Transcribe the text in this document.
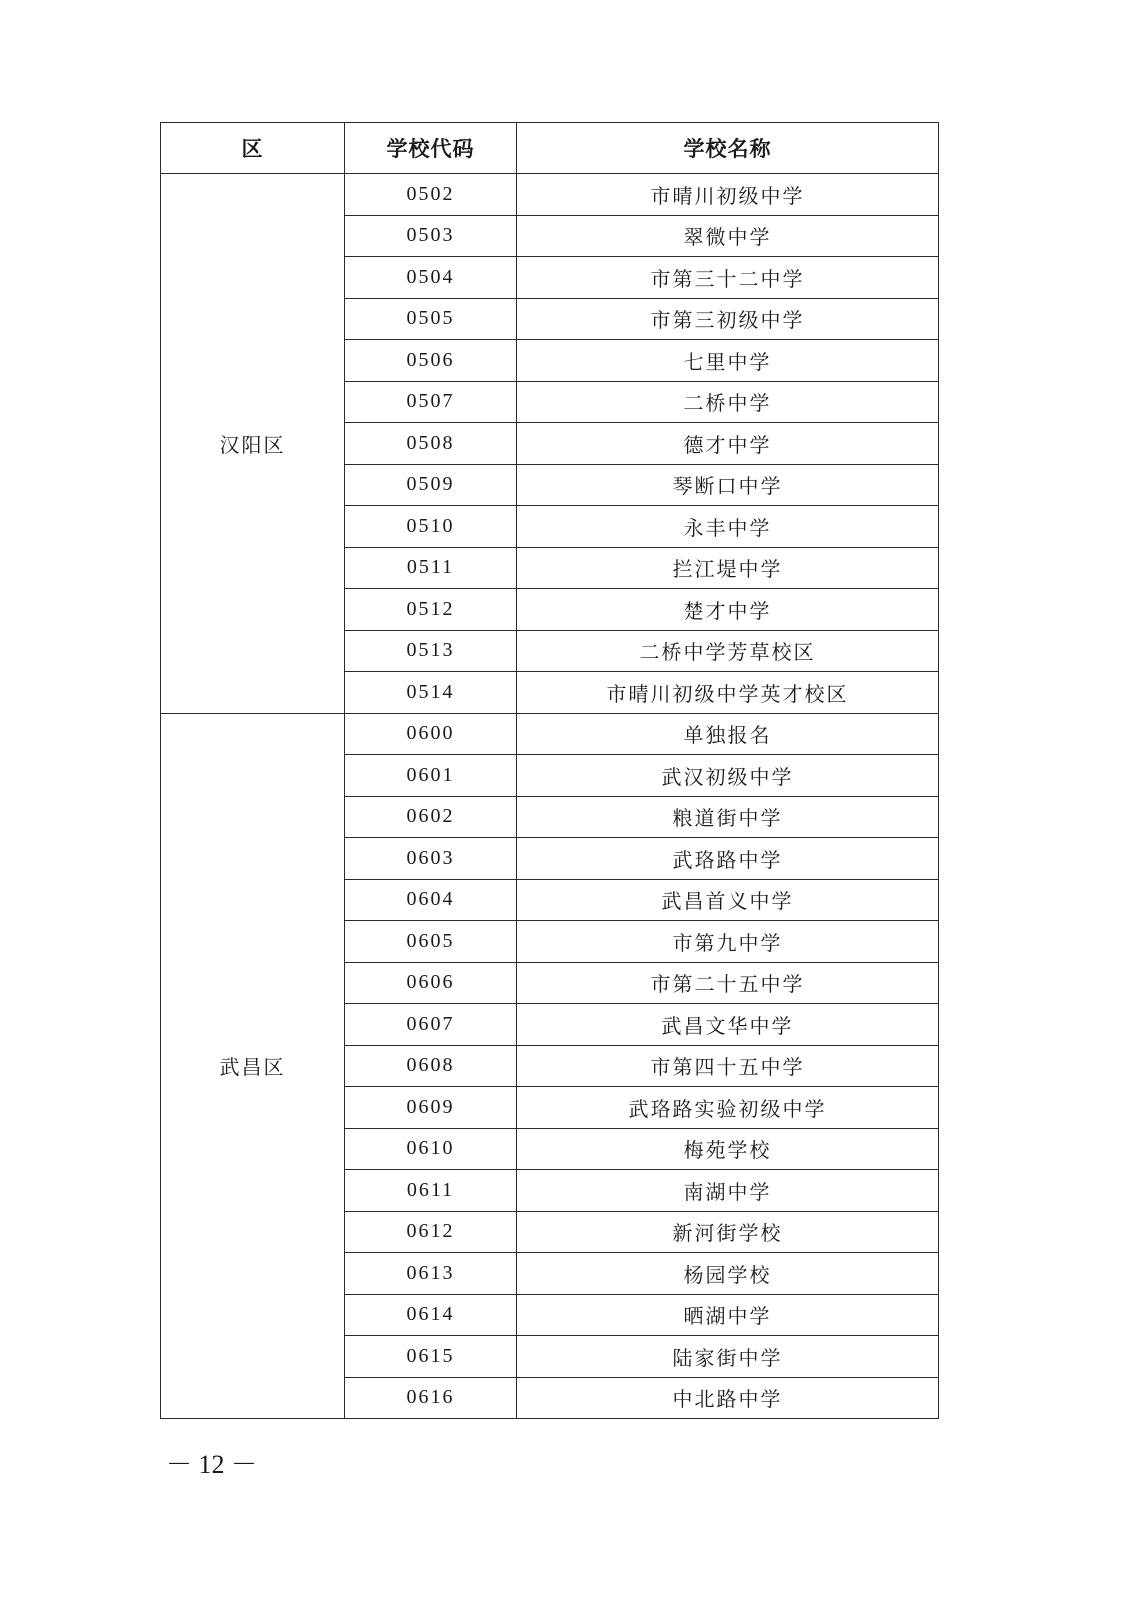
区	学校代码	学校名称
汉阳区	0502	市晴川初级中学
	0503	翠微中学
	0504	市第三十二中学
	0505	市第三初级中学
	0506	七里中学
	0507	二桥中学
	0508	德才中学
	0509	琴断口中学
	0510	永丰中学
	0511	拦江堤中学
	0512	楚才中学
	0513	二桥中学芳草校区
	0514	市晴川初级中学英才校区
武昌区	0600	单独报名
	0601	武汉初级中学
	0602	粮道街中学
	0603	武珞路中学
	0604	武昌首义中学
	0605	市第九中学
	0606	市第二十五中学
	0607	武昌文华中学
	0608	市第四十五中学
	0609	武珞路实验初级中学
	0610	梅苑学校
	0611	南湖中学
	0612	新河街学校
	0613	杨园学校
	0614	晒湖中学
	0615	陆家街中学
	0616	中北路中学
－ 12 －
